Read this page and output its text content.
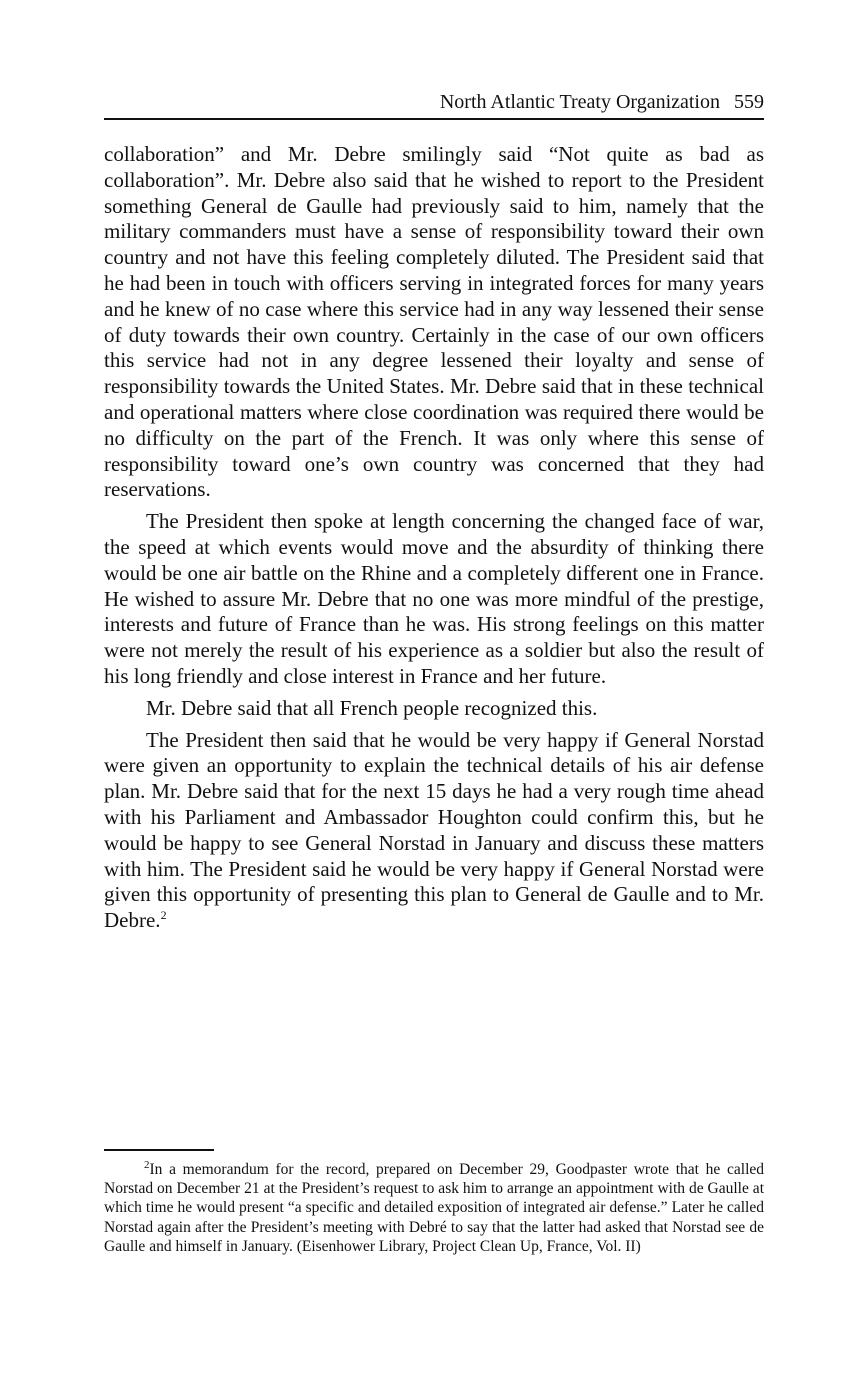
North Atlantic Treaty Organization 559

collaboration” and Mr. Debre smilingly said “Not quite as bad as collaboration”. Mr. Debre also said that he wished to report to the President something General de Gaulle had previously said to him, namely that the military commanders must have a sense of responsibility toward their own country and not have this feeling completely diluted. The President said that he had been in touch with officers serving in integrated forces for many years and he knew of no case where this service had in any way lessened their sense of duty towards their own country. Certainly in the case of our own officers this service had not in any degree lessened their loyalty and sense of responsibility towards the United States. Mr. Debre said that in these technical and operational matters where close coordination was required there would be no difficulty on the part of the French. It was only where this sense of responsibility toward one’s own country was concerned that they had reservations.

The President then spoke at length concerning the changed face of war, the speed at which events would move and the absurdity of thinking there would be one air battle on the Rhine and a completely different one in France. He wished to assure Mr. Debre that no one was more mindful of the prestige, interests and future of France than he was. His strong feelings on this matter were not merely the result of his experience as a soldier but also the result of his long friendly and close interest in France and her future.

Mr. Debre said that all French people recognized this.

The President then said that he would be very happy if General Norstad were given an opportunity to explain the technical details of his air defense plan. Mr. Debre said that for the next 15 days he had a very rough time ahead with his Parliament and Ambassador Houghton could confirm this, but he would be happy to see General Norstad in January and discuss these matters with him. The President said he would be very happy if General Norstad were given this opportunity of presenting this plan to General de Gaulle and to Mr. Debre.$^2$

$^2$In a memorandum for the record, prepared on December 29, Goodpaster wrote that he called Norstad on December 21 at the President’s request to ask him to arrange an appointment with de Gaulle at which time he would present “a specific and detailed exposition of integrated air defense.” Later he called Norstad again after the President’s meeting with Debré to say that the latter had asked that Norstad see de Gaulle and himself in January. (Eisenhower Library, Project Clean Up, France, Vol. II)
